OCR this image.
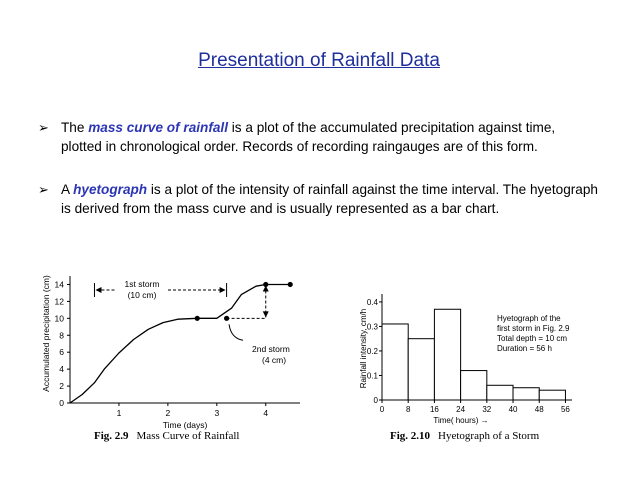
Presentation of Rainfall Data
➢ The mass curve of rainfall is a plot of the accumulated precipitation against time, plotted in chronological order. Records of recording raingauges are of this form.
➢ A hyetograph is a plot of the intensity of rainfall against the time interval. The hyetograph is derived from the mass curve and is usually represented as a bar chart.
0
2
4
6
8
10
12
14
1	2	3	4
Time (days)
Accumulated precipitation (cm)	1st storm
(10 cm)
2nd storm
(4 cm)
0
0.1
0.2
0.3
0.4
0	8 16 24 32 40 48 56
Time( hours) →
Rainfall intensity, cm/h	Hyetograph of the
first storm in Fig. 2.9
Total depth = 10 cm
Duration = 56 h
Fig. 2.9 Mass Curve of Rainfall	Fig. 2.10 Hyetograph of a Storm
